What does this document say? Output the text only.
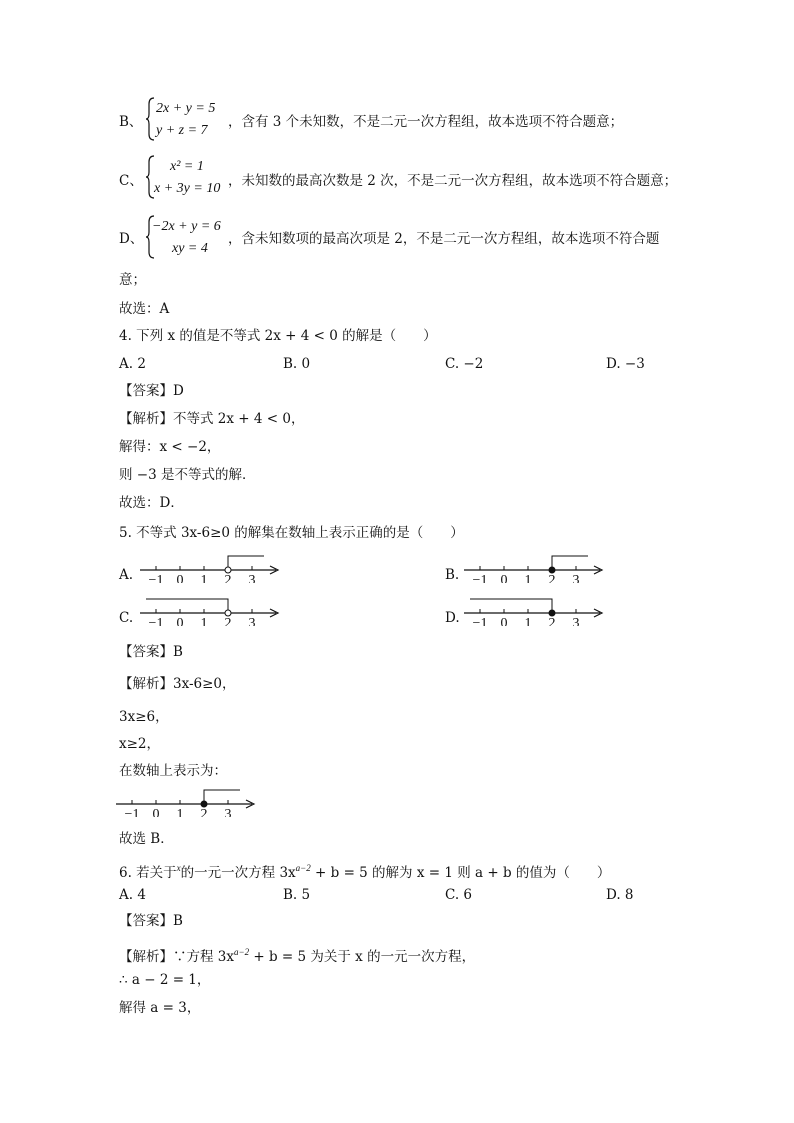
B、
2x + y = 5
y + z = 7
，含有 3 个未知数，不是二元一次方程组，故本选项不符合题意；
C、
x² = 1
x + 3y = 10 ，未知数的最高次数是 2 次，不是二元一次方程组，故本选项不符合题意；
D、
−2x + y = 6
xy = 4
，含未知数项的最高次项是 2，不是二元一次方程组，故本选项不符合题
意；
故选：A
4. 下列 x 的值是不等式 2x + 4 < 0 的解是（　　）
A. 2	B. 0	C. −2	D. −3
【答案】D
【解析】不等式 2x + 4 < 0，
解得：x < −2，
则 −3 是不等式的解．
故选：D．
5. 不等式 3x-6≥0 的解集在数轴上表示正确的是（　　）
A.	B.
C.	D.
−1 0 1 2 3	−1 0 1 2 3
−1 0 1 2 3	−1 0 1 2 3
【答案】B
【解析】3x-6≥0，
3x≥6，
x≥2，
在数轴上表示为：
−1 0 1 2 3
故选 B．
6. 若关于$^x$的一元一次方程 $3x^{a-2} + b = 5$ 的解为 x = 1 则 a + b 的值为（　　）
A. 4	B. 5	C. 6	D. 8
【答案】B
【解析】∵方程 $3x^{a-2} + b = 5$ 为关于 x 的一元一次方程，
∴ a − 2 = 1，
解得 a = 3，
